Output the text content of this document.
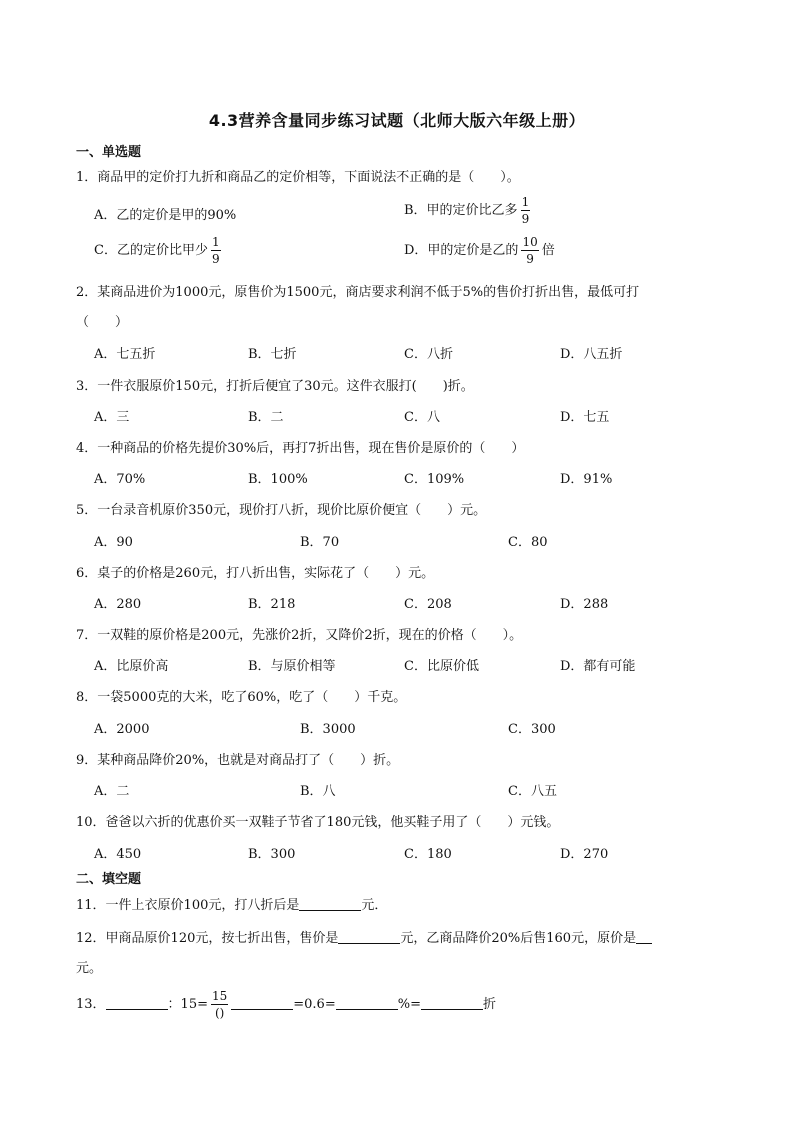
4.3营养含量同步练习试题（北师大版六年级上册）
一、单选题
1．商品甲的定价打九折和商品乙的定价相等，下面说法不正确的是（　　）。
A．乙的定价是甲的90%	B．甲的定价比乙多 $\frac{1}{9}$
C．乙的定价比甲少 $\frac{1}{9}$	D．甲的定价是乙的 $\frac{10}{9}$ 倍
2．某商品进价为1000元，原售价为1500元，商店要求利润不低于5%的售价打折出售，最低可打
（　　）
A．七五折	B．七折	C．八折	D．八五折
3．一件衣服原价150元，打折后便宜了30元。这件衣服打(　　)折。
A．三	B．二	C．八	D．七五
4．一种商品的价格先提价30%后，再打7折出售，现在售价是原价的（　　）
A．70%	B．100%	C．109%	D．91%
5．一台录音机原价350元，现价打八折，现价比原价便宜（　　）元。
A．90	B．70	C．80
6．桌子的价格是260元，打八折出售，实际花了（　　）元。
A．280	B．218	C．208	D．288
7．一双鞋的原价格是200元，先涨价2折，又降价2折，现在的价格（　　）。
A．比原价高	B．与原价相等	C．比原价低	D．都有可能
8．一袋5000克的大米，吃了60%，吃了（　　）千克。
A．2000	B．3000	C．300
9．某种商品降价20%，也就是对商品打了（　　）折。
A．二	B．八	C．八五
10．爸爸以六折的优惠价买一双鞋子节省了180元钱，他买鞋子用了（　　）元钱。
A．450	B．300	C．180	D．270
二、填空题
11．一件上衣原价100元，打八折后是	元．
12．甲商品原价120元，按七折出售，售价是	元，乙商品降价20%后售160元，原价是
元。
13．	：$15= \frac{15}{()}$	=0.6=	%=	折
